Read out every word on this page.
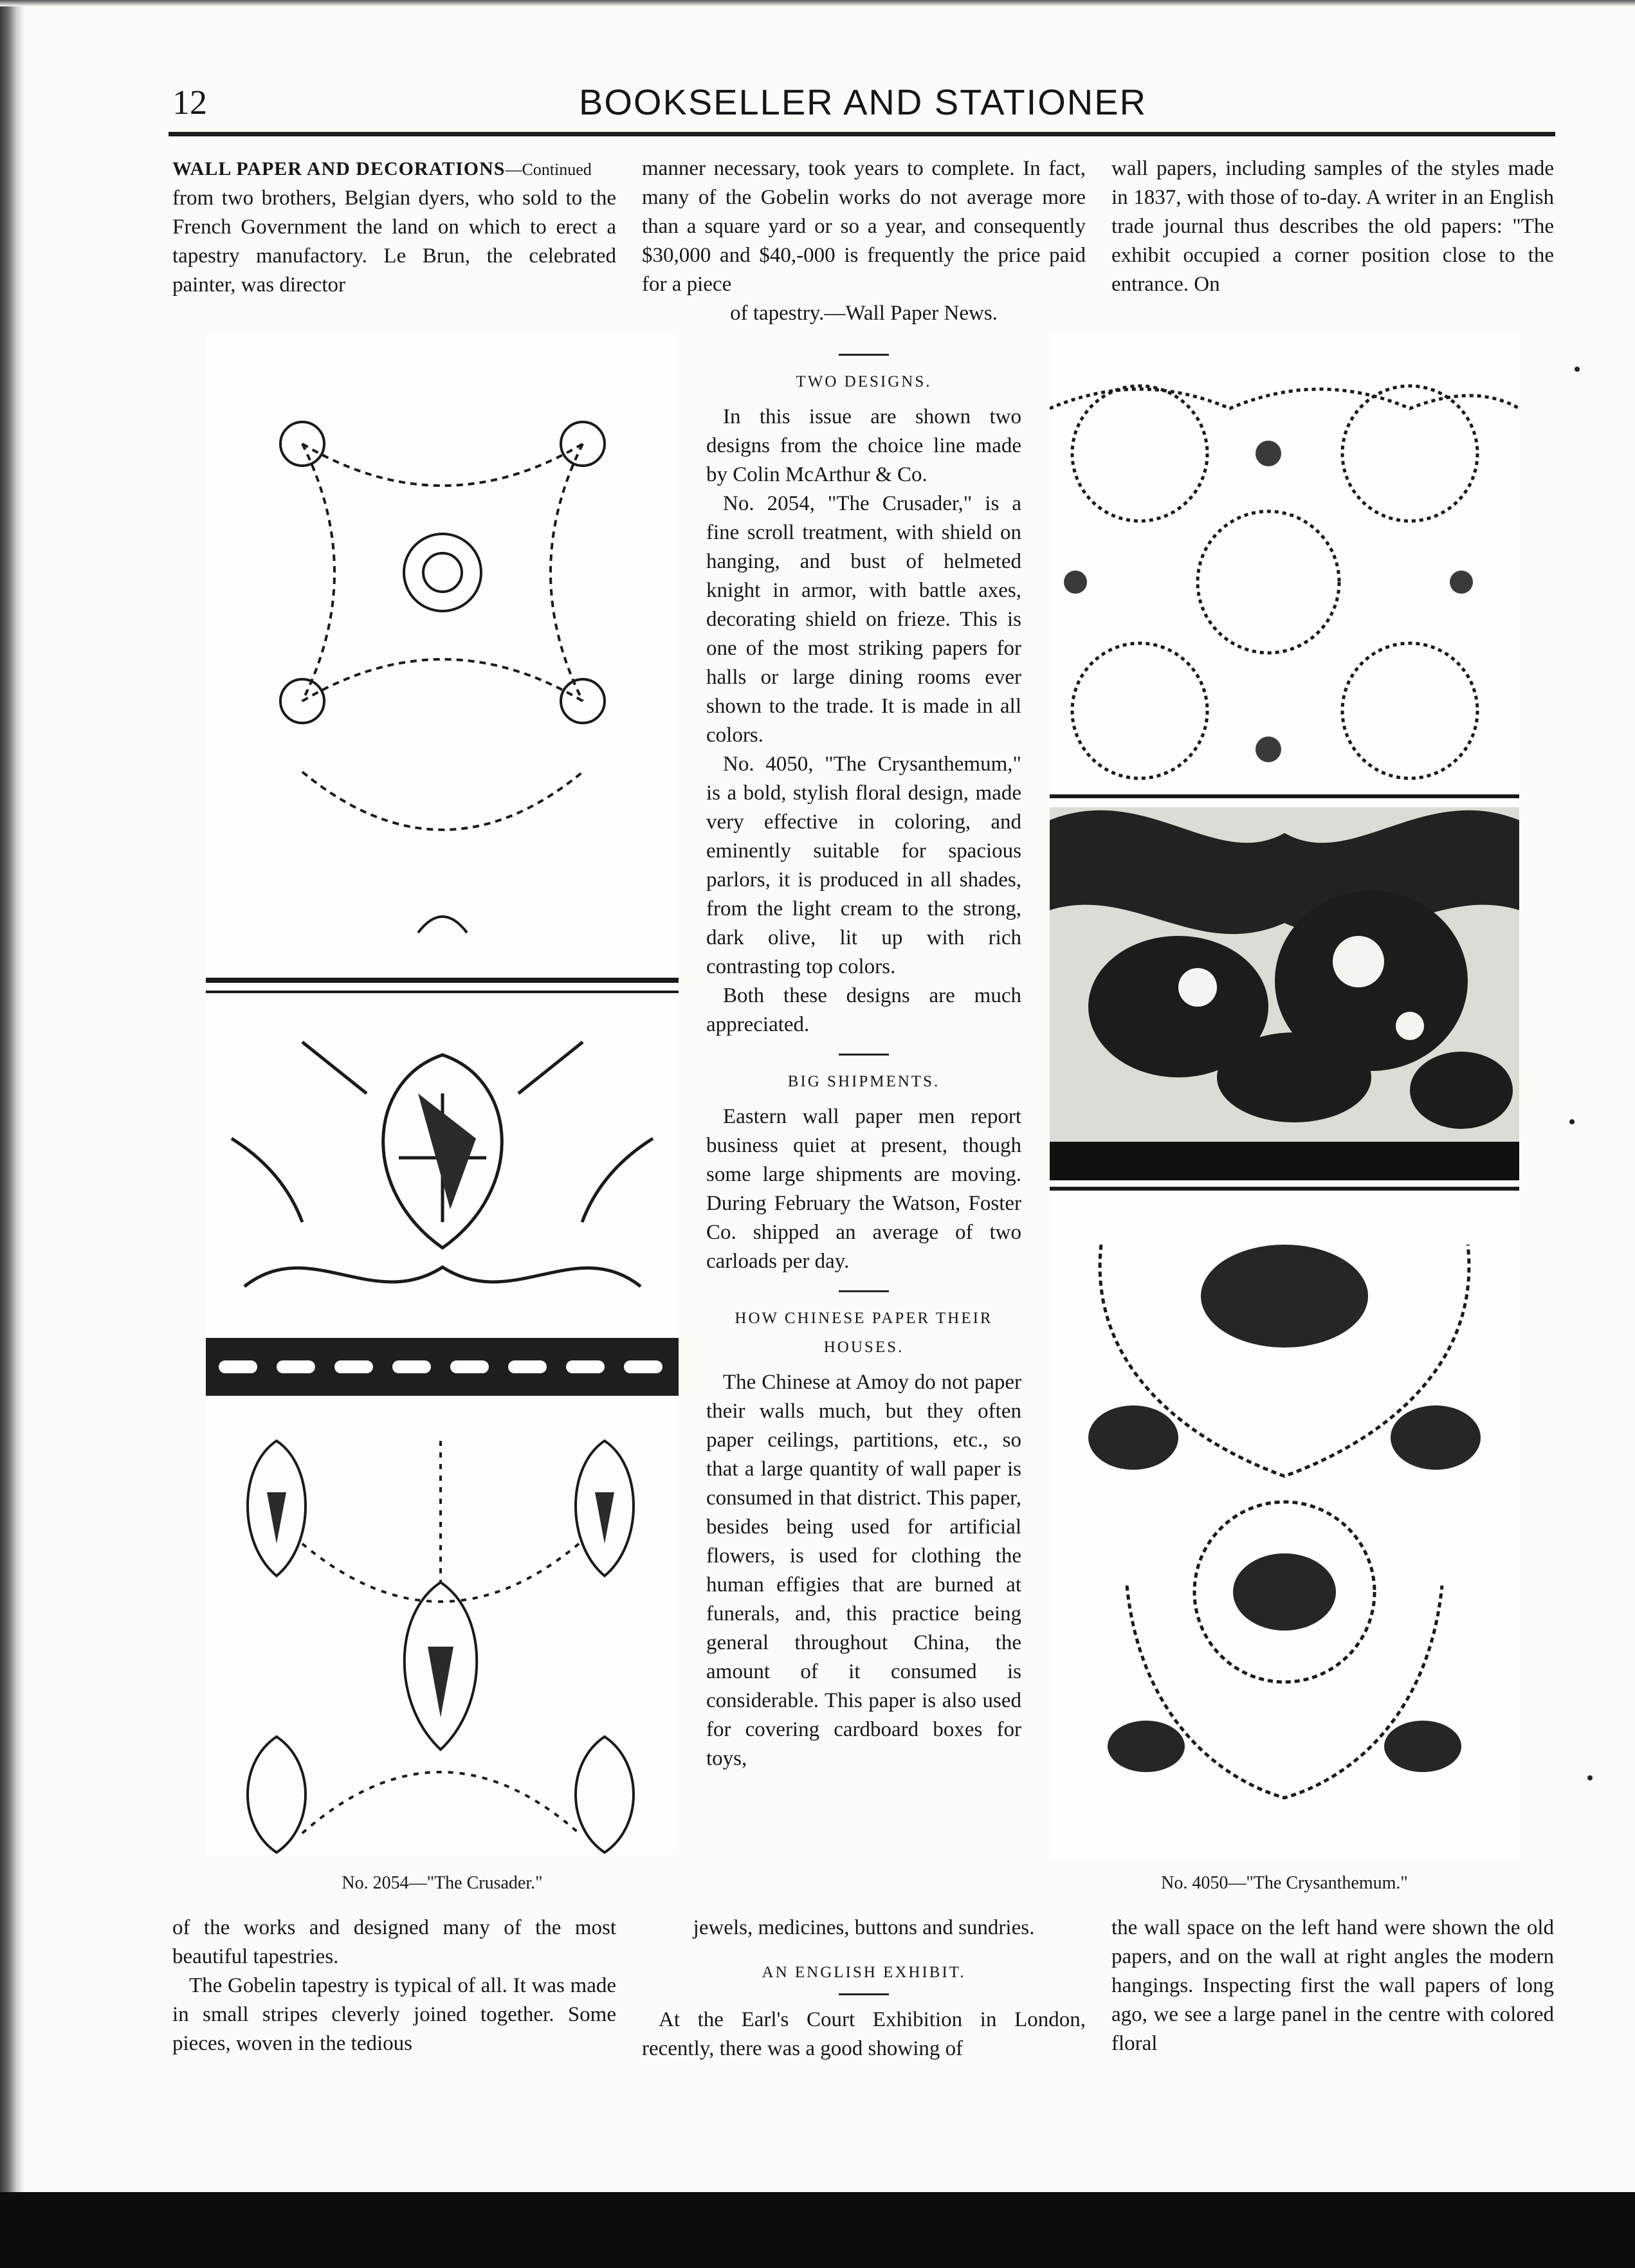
12	BOOKSELLER AND STATIONER

WALL PAPER AND DECORATIONS—Continued

from two brothers, Belgian dyers, who sold to the French Government the land on which to erect a tapestry manufactory. Le Brun, the celebrated painter, was director

manner necessary, took years to complete. In fact, many of the Gobelin works do not average more than a square yard or so a year, and consequently $30,000 and $40,-000 is frequently the price paid for a piece

of tapestry.—Wall Paper News.

wall papers, including samples of the styles made in 1837, with those of to-day. A writer in an English trade journal thus describes the old papers: "The exhibit occupied a corner position close to the entrance. On

TWO DESIGNS.

In this issue are shown two designs from the choice line made by Colin McArthur & Co.

No. 2054, "The Crusader," is a fine scroll treatment, with shield on hanging, and bust of helmeted knight in armor, with battle axes, decorating shield on frieze. This is one of the most striking papers for halls or large dining rooms ever shown to the trade. It is made in all colors.

No. 4050, "The Crysanthemum," is a bold, stylish floral design, made very effective in coloring, and eminently suitable for spacious parlors, it is produced in all shades, from the light cream to the strong, dark olive, lit up with rich contrasting top colors.

Both these designs are much appreciated.

BIG SHIPMENTS.

Eastern wall paper men report business quiet at present, though some large shipments are moving. During February the Watson, Foster Co. shipped an average of two carloads per day.

HOW CHINESE PAPER THEIR
HOUSES.

The Chinese at Amoy do not paper their walls much, but they often paper ceilings, partitions, etc., so that a large quantity of wall paper is consumed in that district. This paper, besides being used for artificial flowers, is used for clothing the human effigies that are burned at funerals, and, this practice being general throughout China, the amount of it consumed is considerable. This paper is also used for covering cardboard boxes for toys,

No. 2054—"The Crusader."	No. 4050—"The Crysanthemum."

of the works and designed many of the most beautiful tapestries.

The Gobelin tapestry is typical of all. It was made in small stripes cleverly joined together. Some pieces, woven in the tedious

jewels, medicines, buttons and sundries.

AN ENGLISH EXHIBIT.

At the Earl's Court Exhibition in London, recently, there was a good showing of

the wall space on the left hand were shown the old papers, and on the wall at right angles the modern hangings. Inspecting first the wall papers of long ago, we see a large panel in the centre with colored floral
